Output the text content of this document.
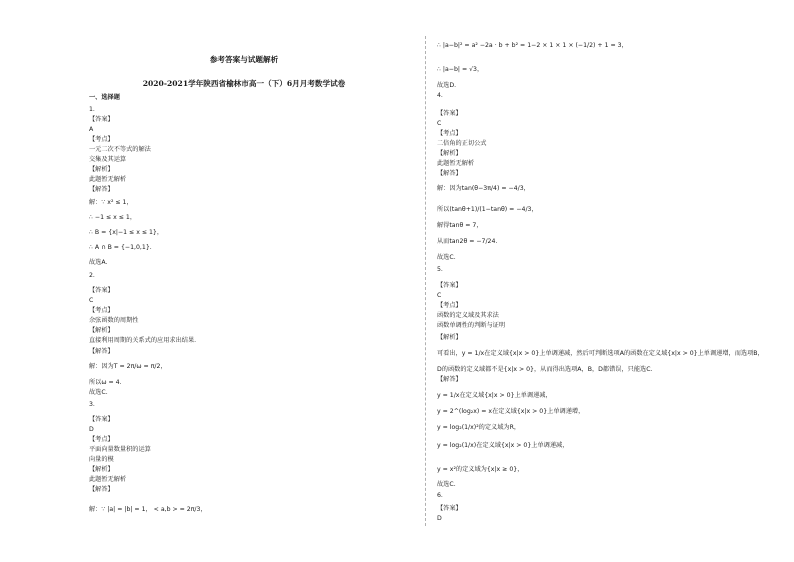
参考答案与试题解析
2020-2021学年陕西省榆林市高一（下）6月月考数学试卷
一、选择题
1.
【答案】
A
【考点】
一元二次不等式的解法
交集及其运算
【解析】
此题暂无解析
【解答】
解：∵ x² ≤ 1，
∴ −1 ≤ x ≤ 1，
∴ B = {x|−1 ≤ x ≤ 1}，
∴ A ∩ B = {−1,0,1}.
故选A.
2.
【答案】
C
【考点】
余弦函数的周期性
【解析】
直接利用周期的关系式的应用求出结果.
【解答】
解：因为T = 2π/ω = π/2，
所以ω = 4.
故选C.
3.
【答案】
D
【考点】
平面向量数量积的运算
向量的模
【解析】
此题暂无解析
【解答】
解：∵ |a| = |b| = 1， < a,b > = 2π/3，
∴ |a−b|² = a² −2a · b + b² = 1−2 × 1 × 1 × (−1/2) + 1 = 3，
∴ |a−b| = √3，
故选D.
4.
【答案】
C
【考点】
二倍角的正切公式
【解析】
此题暂无解析
【解答】
解：因为tan(θ−3π/4) = −4/3，
所以(tanθ+1)/(1−tanθ) = −4/3，
解得tanθ = 7，
从而tan2θ = −7/24.
故选C.
5.
【答案】
C
【考点】
函数的定义域及其求法
函数单调性的判断与证明
【解析】
可看出，y = 1/x在定义域{x|x > 0}上单调递减，然后可判断选项A的函数在定义域{x|x > 0}上单调递增，而选项B，
D的函数的定义域都不是{x|x > 0}，从而得出选项A，B，D都错误，只能选C.
【解答】
y = 1/x在定义域{x|x > 0}上单调递减，
y = 2^(log₂x) = x在定义域{x|x > 0}上单调递增，
y = log₂(1/x)²的定义域为R，
y = log₂(1/x)在定义域{x|x > 0}上单调递减，
y = x²的定义域为{x|x ≥ 0}，
故选C.
6.
【答案】
D
